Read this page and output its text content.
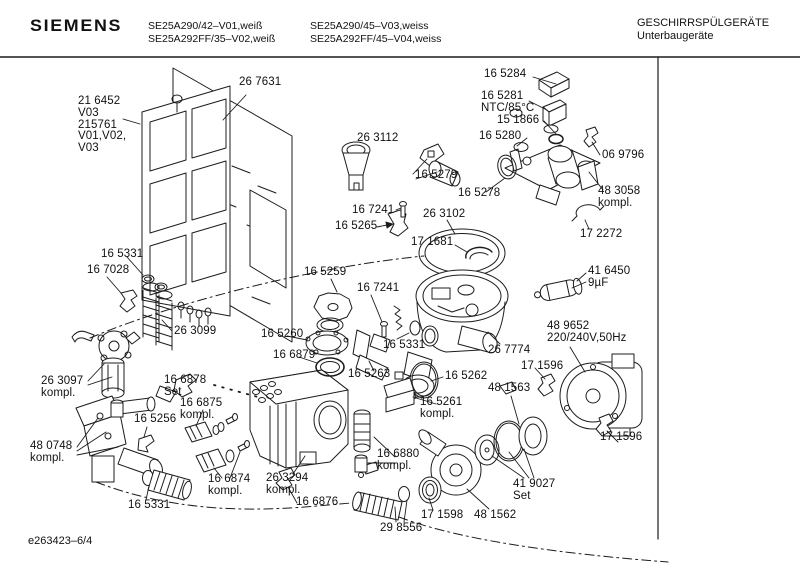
SIEMENS SE25A290/42–V01,weiß
SE25A292FF/35–V02,weiß
SE25A290/45–V03,weiss
SE25A292FF/45–V04,weiss
GESCHIRRSPÜLGERÄTE
Unterbaugeräte
26 7631
21 6452
V03
215761
V01,V02,
V03
16 5284
16 5281
NTC/85°C
15 1866
16 5280
06 9796
26 3112
16 5279
16 5278	48 3058
kompl.
17 2272
16 7241 26 3102
16 5265
17 1681
16 5331
16 7028	16 5259
16 7241
41 6450
9µF
26 3099	16 5260
16 6879
16 5331	26 7774
48 9652
220/240V,50Hz
16 5263	16 5262
17 1596
26 3097
kompl.
16 6878
Set	48 1563
16 6875
kompl.
16 5256
16 5261
kompl.
48 0748
kompl.	16 6880
kompl.
17 1596
16 6874
kompl.
26 3294
kompl.	41 9027
Set
16 6876
16 5331
17 1598 48 1562
29 8556
e263423–6/4
